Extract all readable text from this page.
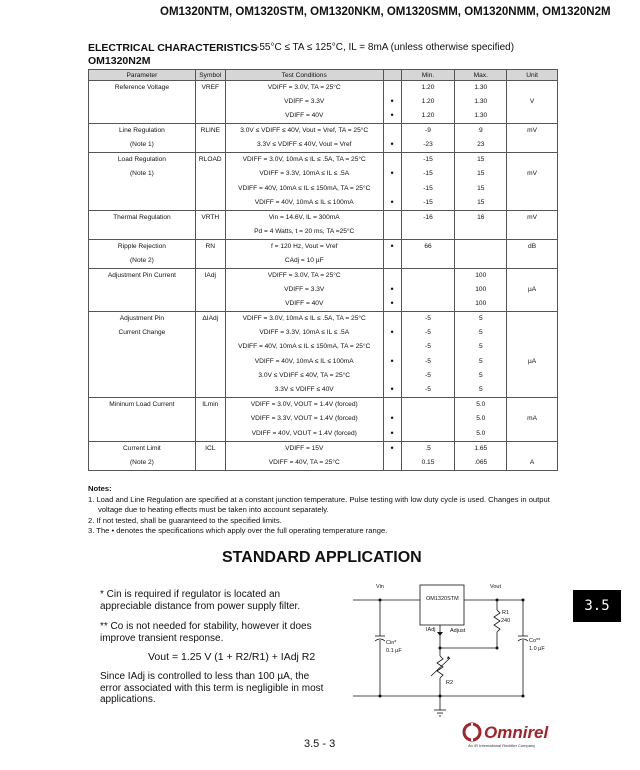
OM1320NTM, OM1320STM, OM1320NKM, OM1320SMM, OM1320NMM, OM1320N2M
ELECTRICAL CHARACTERISTICS
OM1320N2M
-55°C ≤ TA ≤ 125°C, IL = 8mA (unless otherwise specified)
Parameter	Symbol	Test Conditions		Min.	Max.	Unit
Reference Voltage	VREF	VDIFF = 3.0V, TA = 25°C		1.20	1.30	
		VDIFF = 3.3V	•	1.20	1.30	V
		VDIFF = 40V	•	1.20	1.30	
Line Regulation	RLINE	3.0V ≤ VDIFF ≤ 40V, Vout = Vref, TA = 25°C		-9	9	mV
(Note 1)		3.3V ≤ VDIFF ≤ 40V, Vout = Vref	•	-23	23	
Load Regulation	RLOAD	VDIFF = 3.0V, 10mA ≤ IL ≤ .5A, TA = 25°C		-15	15	
(Note 1)		VDIFF = 3.3V, 10mA ≤ IL ≤ .5A	•	-15	15	mV
		VDIFF = 40V, 10mA ≤ IL ≤ 150mA, TA = 25°C		-15	15	
		VDIFF = 40V, 10mA ≤ IL ≤ 100mA	•	-15	15	
Thermal Regulation	VRTH	Vin = 14.6V, IL = 300mA		-16	16	mV
		Pd = 4 Watts, t = 20 ms, TA =25°C				
Ripple Rejection	RN	f = 120 Hz, Vout = Vref	•	66		dB
(Note 2)		CAdj = 10 µF				
Adjustment Pin Current	IAdj	VDIFF = 3.0V, TA = 25°C			100	
		VDIFF = 3.3V	•		100	µA
		VDIFF = 40V	•		100	
Adjustment Pin	ΔIAdj	VDIFF = 3.0V, 10mA ≤ IL ≤ .5A, TA = 25°C		-5	5	
Current Change		VDIFF = 3.3V, 10mA ≤ IL ≤ .5A	•	-5	5	
		VDIFF = 40V, 10mA ≤ IL ≤ 150mA, TA = 25°C		-5	5	
		VDIFF = 40V, 10mA ≤ IL ≤ 100mA	•	-5	5	µA
		3.0V ≤ VDIFF ≤ 40V, TA = 25°C		-5	5	
		3.3V ≤ VDIFF ≤ 40V	•	-5	5	
Mininum Load Current	ILmin	VDIFF = 3.0V, VOUT = 1.4V (forced)			5.0	
		VDIFF = 3.3V, VOUT = 1.4V (forced)	•		5.0	mA
		VDIFF = 40V, VOUT = 1.4V (forced)	•		5.0	
Current Limit	ICL	VDIFF = 15V	•	.5	1.65	
(Note 2)		VDIFF = 40V, TA = 25°C		0.15	.065	A
Notes:
1. Load and Line Regulation are specified at a constant junction temperature. Pulse testing with low duty cycle is used. Changes in output voltage due to heating effects must be taken into account separately.
2. If not tested, shall be guaranteed to the specified limits.
3. The • denotes the specifications which apply over the full operating temperature range.
STANDARD APPLICATION
* Cin is required if regulator is located an appreciable distance from power supply filter.
** Co is not needed for stability, however it does improve transient response.
Vout = 1.25 V (1 + R2/R1) + IAdj R2
Since IAdj is controlled to less than 100 µA, the error associated with this term is negligible in most applications.
Vin	Vout
OM1320STM
IAdj	Adjust
R1
240
R2
Cin*
0.1 µF
Co**
1.0 µF
3.5
3.5 - 3
Omnirel
An IR International Rectifier Company
